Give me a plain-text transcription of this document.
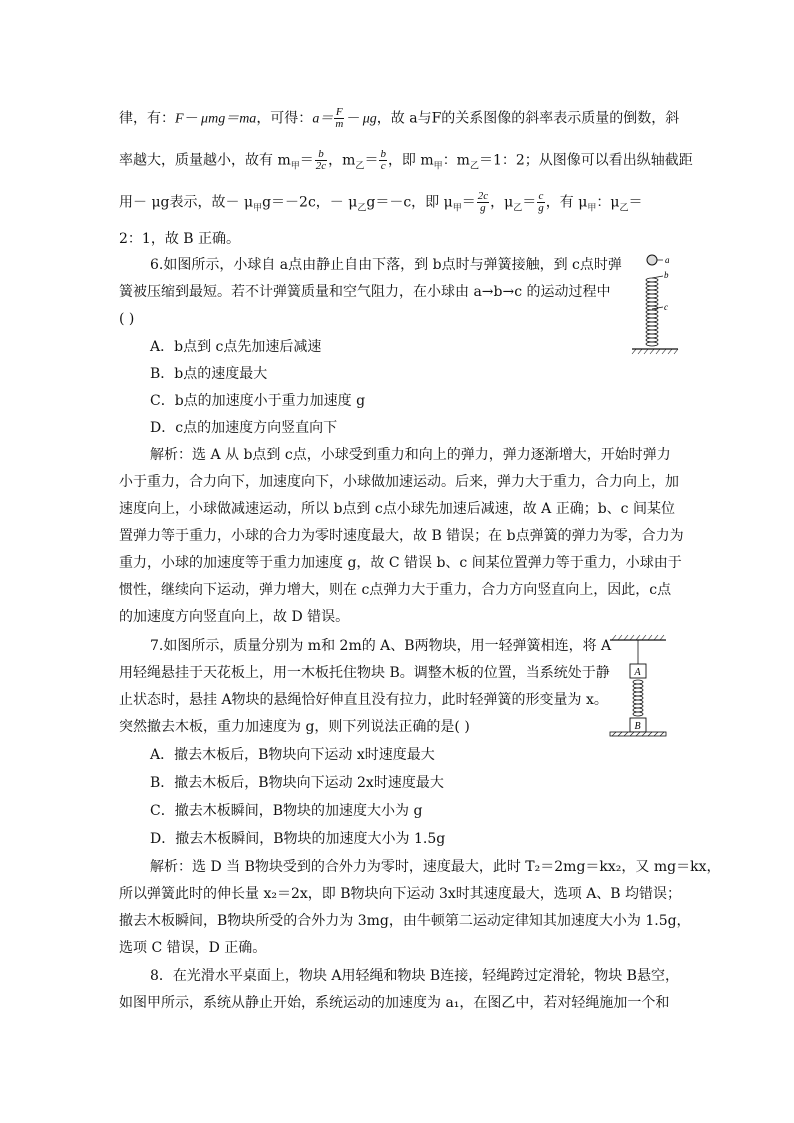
律，有：F－ μmg＝ma，可得：$a= \frac{F}{m} - \mu g$，故 a与F的关系图像的斜率表示质量的倒数，斜
率越大，质量越小，故有 $m_甲= \frac{b}{2c}$ ，$m_乙= \frac{b}{c}$ ，即 $m_甲$：$m_乙=1$：2；从图像可以看出纵轴截距
用－ μg表示，故－ $\mu_甲g=-2c$，－ $\mu_乙g=-c$，即 $\mu_甲= \frac{2c}{g}$ ，$\mu_乙= \frac{c}{g}$ ，有 $\mu_甲$：$\mu_乙=$
2：1，故 B 正确。
6.如图所示，小球自 a点由静止自由下落，到 b点时与弹簧接触，到 c点时弹
簧被压缩到最短。若不计弹簧质量和空气阻力，在小球由 a→b→c 的运动过程中
( )
A．b点到 c点先加速后减速
B．b点的速度最大
C．b点的加速度小于重力加速度 g
D．c点的加速度方向竖直向下
a
b
c
解析：选 A 从 b点到 c点，小球受到重力和向上的弹力，弹力逐渐增大，开始时弹力
小于重力，合力向下，加速度向下，小球做加速运动。后来，弹力大于重力，合力向上，加
速度向上，小球做减速运动，所以 b点到 c点小球先加速后减速，故 A 正确；b、c 间某位
置弹力等于重力，小球的合力为零时速度最大，故 B 错误；在 b点弹簧的弹力为零，合力为
重力，小球的加速度等于重力加速度 g，故 C 错误 b、c 间某位置弹力等于重力，小球由于
惯性，继续向下运动，弹力增大，则在 c点弹力大于重力，合力方向竖直向上，因此，c点
的加速度方向竖直向上，故 D 错误。
7.如图所示，质量分别为 m和 2m的 A、B两物块，用一轻弹簧相连，将 A
用轻绳悬挂于天花板上，用一木板托住物块 B。调整木板的位置，当系统处于静
止状态时，悬挂 A物块的悬绳恰好伸直且没有拉力，此时轻弹簧的形变量为 x。
突然撤去木板，重力加速度为 g，则下列说法正确的是( )
A．撤去木板后，B物块向下运动 x时速度最大
B．撤去木板后，B物块向下运动 2x时速度最大
C．撤去木板瞬间，B物块的加速度大小为 g
D．撤去木板瞬间，B物块的加速度大小为 1.5g
A
B
解析：选 D 当 B物块受到的合外力为零时，速度最大，此时 T₂＝2mg＝kx₂，又 mg＝kx，
所以弹簧此时的伸长量 x₂＝2x，即 B物块向下运动 3x时其速度最大，选项 A、B 均错误；
撤去木板瞬间，B物块所受的合外力为 3mg，由牛顿第二运动定律知其加速度大小为 1.5g，
选项 C 错误，D 正确。
8．在光滑水平桌面上，物块 A用轻绳和物块 B连接，轻绳跨过定滑轮，物块 B悬空，
如图甲所示，系统从静止开始，系统运动的加速度为 a₁，在图乙中，若对轻绳施加一个和
